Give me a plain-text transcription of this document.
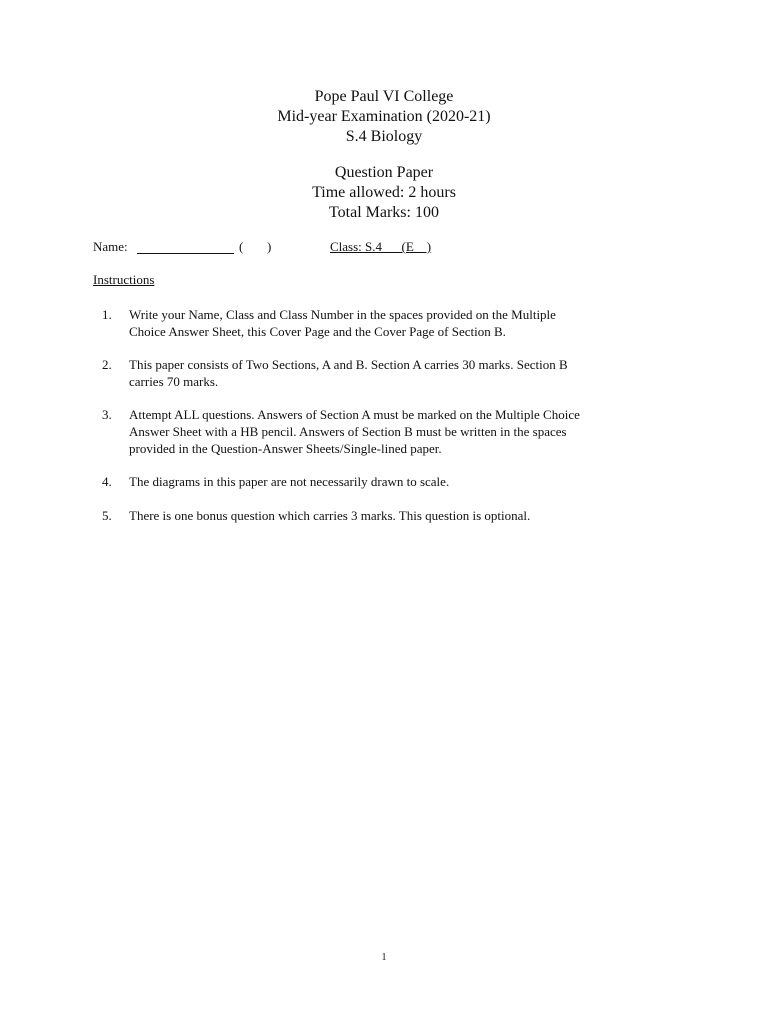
Pope Paul VI College
Mid-year Examination (2020-21)
S.4 Biology
Question Paper
Time allowed: 2 hours
Total Marks: 100
Name:	( )	Class: S.4      (E    )
Instructions
1. Write your Name, Class and Class Number in the spaces provided on the Multiple
Choice Answer Sheet, this Cover Page and the Cover Page of Section B.
2. This paper consists of Two Sections, A and B. Section A carries 30 marks. Section B
carries 70 marks.
3. Attempt ALL questions. Answers of Section A must be marked on the Multiple Choice
Answer Sheet with a HB pencil. Answers of Section B must be written in the spaces
provided in the Question-Answer Sheets/Single-lined paper.
4. The diagrams in this paper are not necessarily drawn to scale.
5. There is one bonus question which carries 3 marks. This question is optional.
1
